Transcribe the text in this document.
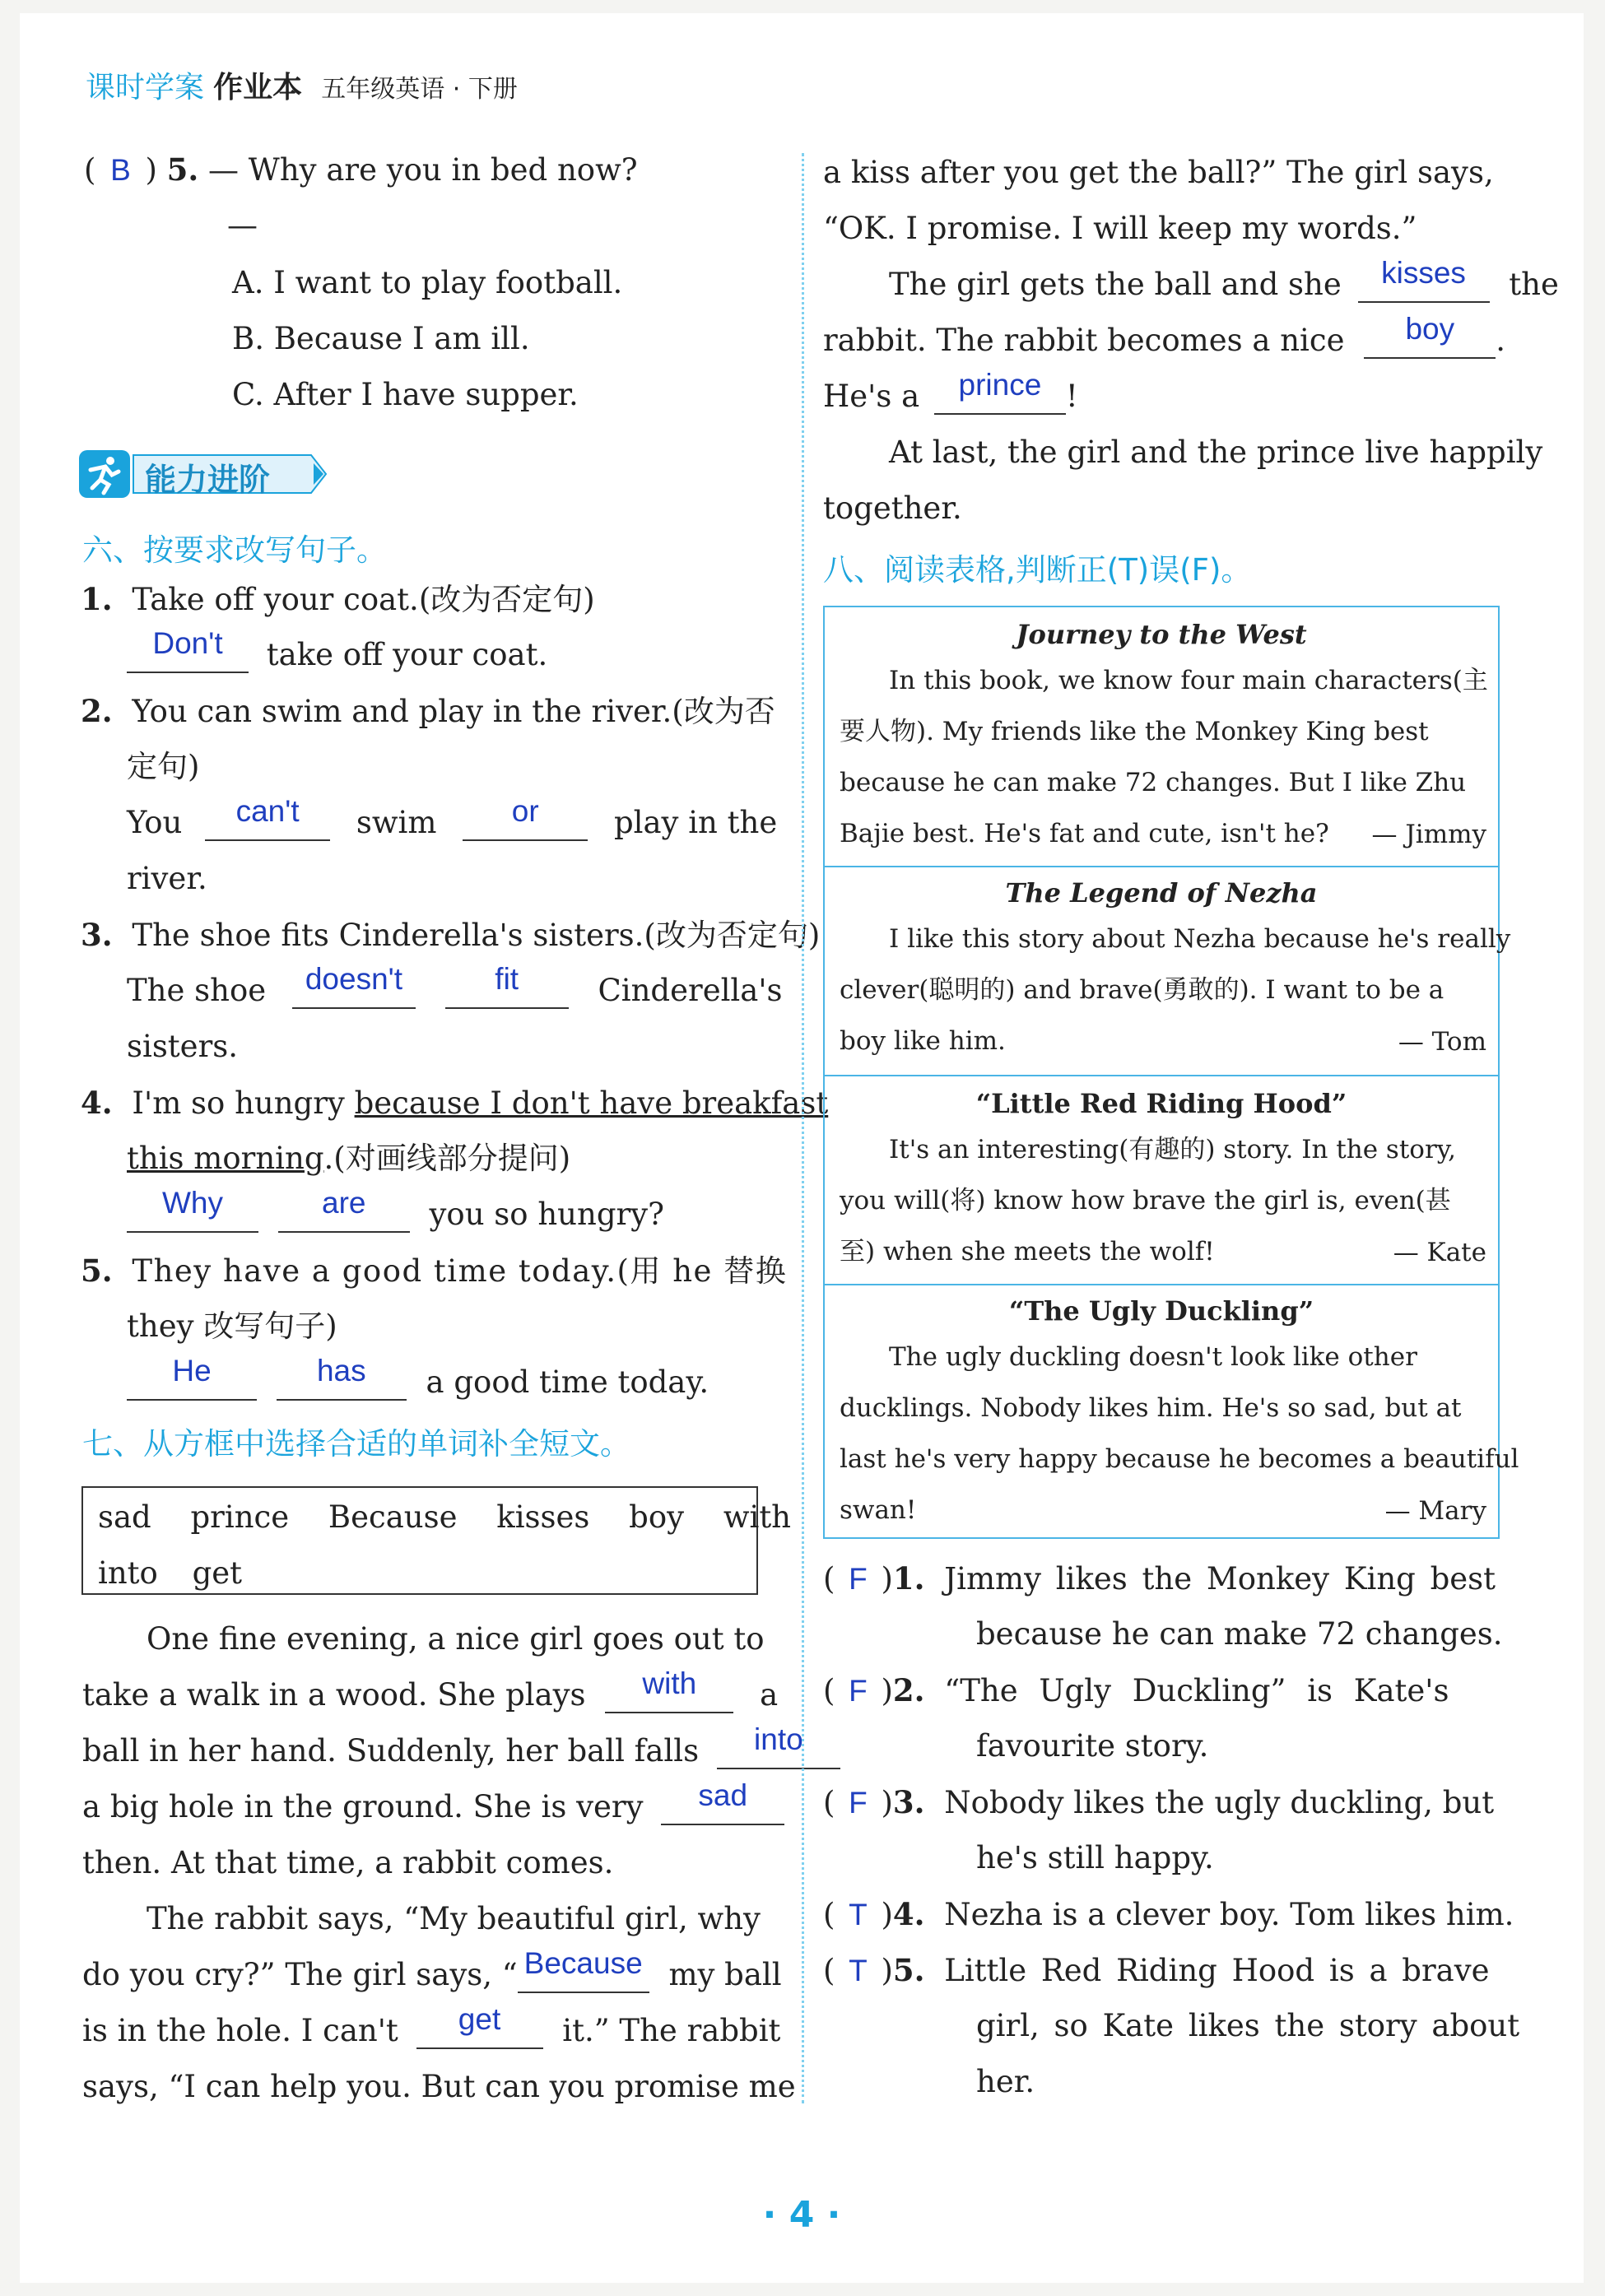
课时学案 作业本 五年级英语 · 下册
( B ) 5. — Why are you in bed now?
—
A. I want to play football.
B. Because I am ill.
C. After I have supper.
能力进阶
六、按要求改写句子。
1. Take off your coat.(改为否定句)
Don't take off your coat.
2. You can swim and play in the river.(改为否
定句)
You can't swim or play in the
river.
3. The shoe fits Cinderella's sisters.(改为否定句)
The shoe doesn't	fit	Cinderella's
sisters.
4. I'm so hungry because I don't have breakfast
this morning.(对画线部分提问)
Why	are you so hungry?
5. They have a good time today.(用 he 替换
they 改写句子)
He	has a good time today.
七、从方框中选择合适的单词补全短文。
sad prince Because kisses boy with
into get
One fine evening, a nice girl goes out to
take a walk in a wood. She plays with a
ball in her hand. Suddenly, her ball falls into
a big hole in the ground. She is very sad
then. At that time, a rabbit comes.
The rabbit says, “My beautiful girl, why
do you cry?” The girl says, “ Because my ball
is in the hole. I can't get it.” The rabbit
says, “I can help you. But can you promise me
a kiss after you get the ball?” The girl says,
“OK. I promise. I will keep my words.”
The girl gets the ball and she kisses the
rabbit. The rabbit becomes a nice boy .
He's a prince !
At last, the girl and the prince live happily
together.
八、阅读表格,判断正(T)误(F)。
Journey to the West
In this book, we know four main characters(主
要人物). My friends like the Monkey King best
because he can make 72 changes. But I like Zhu
Bajie best. He's fat and cute, isn't he? — Jimmy
The Legend of Nezha
I like this story about Nezha because he's really
clever(聪明的) and brave(勇敢的). I want to be a
boy like him.	— Tom
“Little Red Riding Hood”
It's an interesting(有趣的) story. In the story,
you will(将) know how brave the girl is, even(甚
至) when she meets the wolf!	— Kate
“The Ugly Duckling”
The ugly duckling doesn't look like other
ducklings. Nobody likes him. He's so sad, but at
last he's very happy because he becomes a beautiful
swan!	— Mary
( F )1. Jimmy likes the Monkey King best
because he can make 72 changes.
( F )2. “The Ugly Duckling” is Kate's
favourite story.
( F )3. Nobody likes the ugly duckling, but
he's still happy.
( T )4. Nezha is a clever boy. Tom likes him.
( T )5. Little Red Riding Hood is a brave
girl, so Kate likes the story about
her.
· 4 ·
